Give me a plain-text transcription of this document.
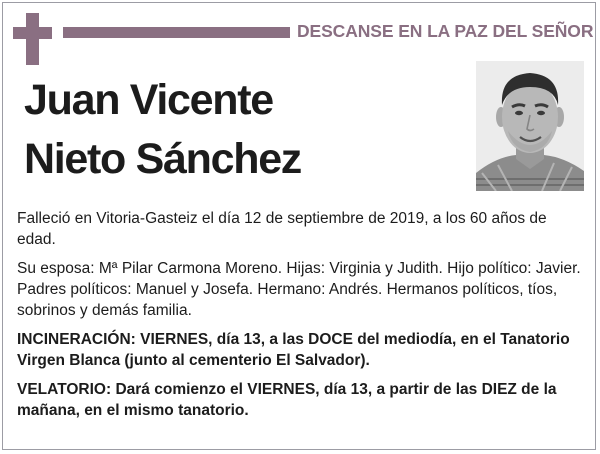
DESCANSE EN LA PAZ DEL SEÑOR
Juan Vicente
Nieto Sánchez

Falleció en Vitoria-Gasteiz el día 12 de septiembre de 2019, a los 60 años de edad.

Su esposa: Mª Pilar Carmona Moreno. Hijas: Virginia y Judith. Hijo político: Javier. Padres políticos: Manuel y Josefa. Hermano: Andrés. Hermanos políticos, tíos, sobrinos y demás familia.

INCINERACIÓN: VIERNES, día 13, a las DOCE del mediodía, en el Tanatorio Virgen Blanca (junto al cementerio El Salvador).

VELATORIO: Dará comienzo el VIERNES, día 13, a partir de las DIEZ de la mañana, en el mismo tanatorio.
